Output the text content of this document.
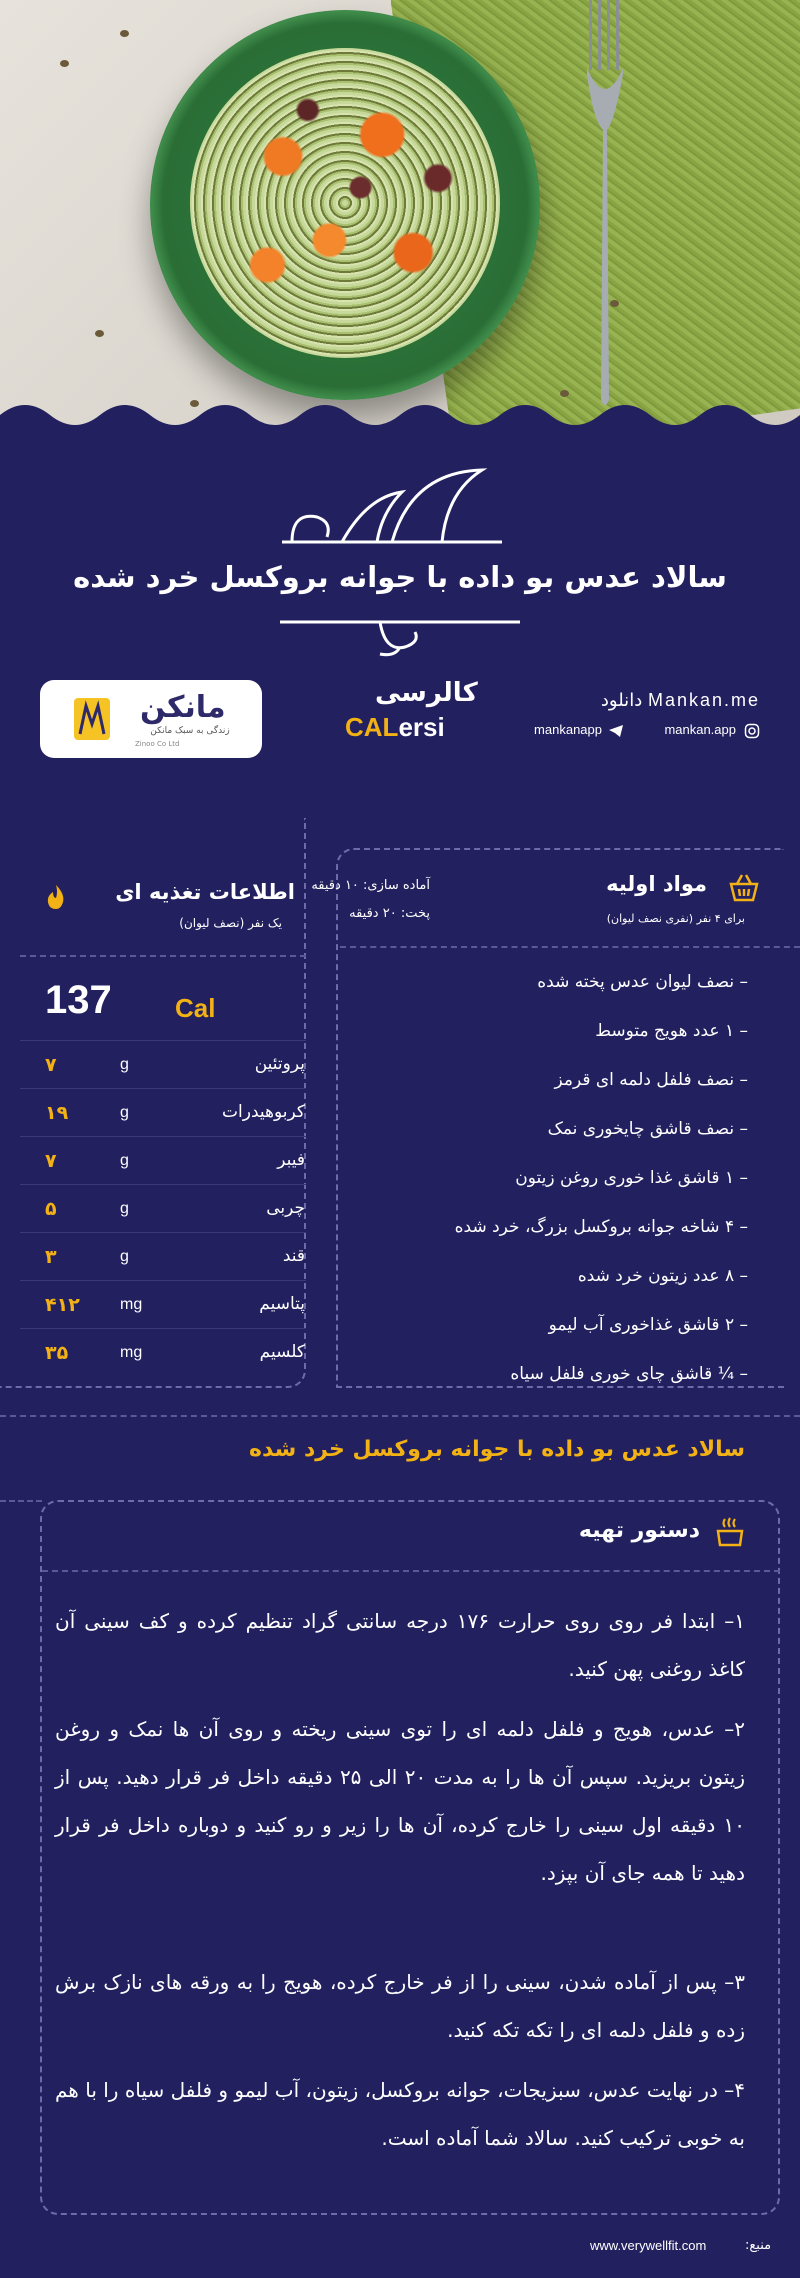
سالاد عدس بو داده با جوانه بروکسل خرد شده
مانکن
زندگی به سبک مانکن
Zinoo Co Ltd
کالرسی
CALersi
دانلود Mankan.me
mankan.app
mankanapp
اطلاعات تغذیه ای
یک نفر (نصف لیوان)
137 Cal
پروتئین
g
۷
کربوهیدرات
g
۱۹
فیبر
g
۷
چربی
g
۵
قند
g
۳
پتاسیم
mg
۴۱۲
کلسیم
mg
۳۵
مواد اولیه
برای ۴ نفر (نفری نصف لیوان)
آماده سازی: ۱۰ دقیقه
پخت: ۲۰ دقیقه
– نصف لیوان عدس پخته شده
– ۱ عدد هویج متوسط
– نصف فلفل دلمه ای قرمز
– نصف قاشق چایخوری نمک
– ۱ قاشق غذا خوری روغن زیتون
– ۴ شاخه جوانه بروکسل بزرگ، خرد شده
– ۸ عدد زیتون خرد شده
– ۲ قاشق غذاخوری آب لیمو
– ¼ قاشق چای خوری فلفل سیاه
سالاد عدس بو داده با جوانه بروکسل خرد شده
دستور تهیه
۱– ابتدا فر روی روی حرارت ۱۷۶ درجه سانتی گراد تنظیم کرده و کف سینی آن کاغذ روغنی پهن کنید.
۲– عدس، هویج و فلفل دلمه ای را توی سینی ریخته و روی آن ها نمک و روغن زیتون بریزید. سپس آن ها را به مدت ۲۰ الی ۲۵ دقیقه داخل فر قرار دهید. پس از ۱۰ دقیقه اول سینی را خارج کرده، آن ها را زیر و رو کنید و دوباره داخل فر قرار دهید تا همه جای آن بپزد.
۳– پس از آماده شدن، سینی را از فر خارج کرده، هویج را به ورقه های نازک برش زده و فلفل دلمه ای را تکه تکه کنید.
۴– در نهایت عدس، سبزیجات، جوانه بروکسل، زیتون، آب لیمو و فلفل سیاه را با هم به خوبی ترکیب کنید. سالاد شما آماده است.
www.verywellfit.com	منبع:
